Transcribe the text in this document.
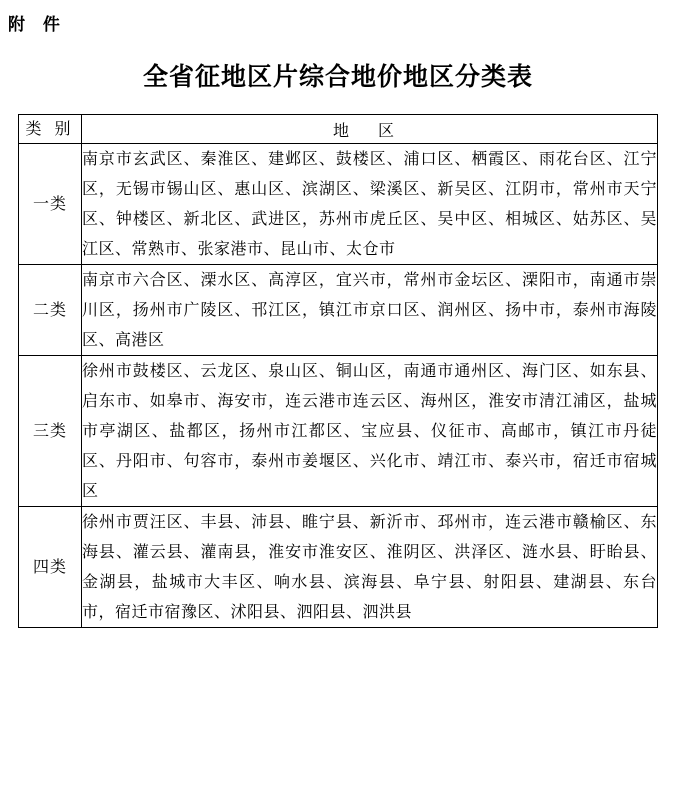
附 件
全省征地区片综合地价地区分类表
类 别	地 区
一类	南京市玄武区、秦淮区、建邺区、鼓楼区、浦口区、栖霞区、雨花台区、江宁区，无锡市锡山区、惠山区、滨湖区、梁溪区、新吴区、江阴市，常州市天宁区、钟楼区、新北区、武进区，苏州市虎丘区、吴中区、相城区、姑苏区、吴江区、常熟市、张家港市、昆山市、太仓市
二类	南京市六合区、溧水区、高淳区，宜兴市，常州市金坛区、溧阳市，南通市崇川区，扬州市广陵区、邗江区，镇江市京口区、润州区、扬中市，泰州市海陵区、高港区
三类	徐州市鼓楼区、云龙区、泉山区、铜山区，南通市通州区、海门区、如东县、启东市、如皋市、海安市，连云港市连云区、海州区，淮安市清江浦区，盐城市亭湖区、盐都区，扬州市江都区、宝应县、仪征市、高邮市，镇江市丹徒区、丹阳市、句容市，泰州市姜堰区、兴化市、靖江市、泰兴市，宿迁市宿城区
四类	徐州市贾汪区、丰县、沛县、睢宁县、新沂市、邳州市，连云港市赣榆区、东海县、灌云县、灌南县，淮安市淮安区、淮阴区、洪泽区、涟水县、盱眙县、金湖县，盐城市大丰区、响水县、滨海县、阜宁县、射阳县、建湖县、东台市，宿迁市宿豫区、沭阳县、泗阳县、泗洪县
